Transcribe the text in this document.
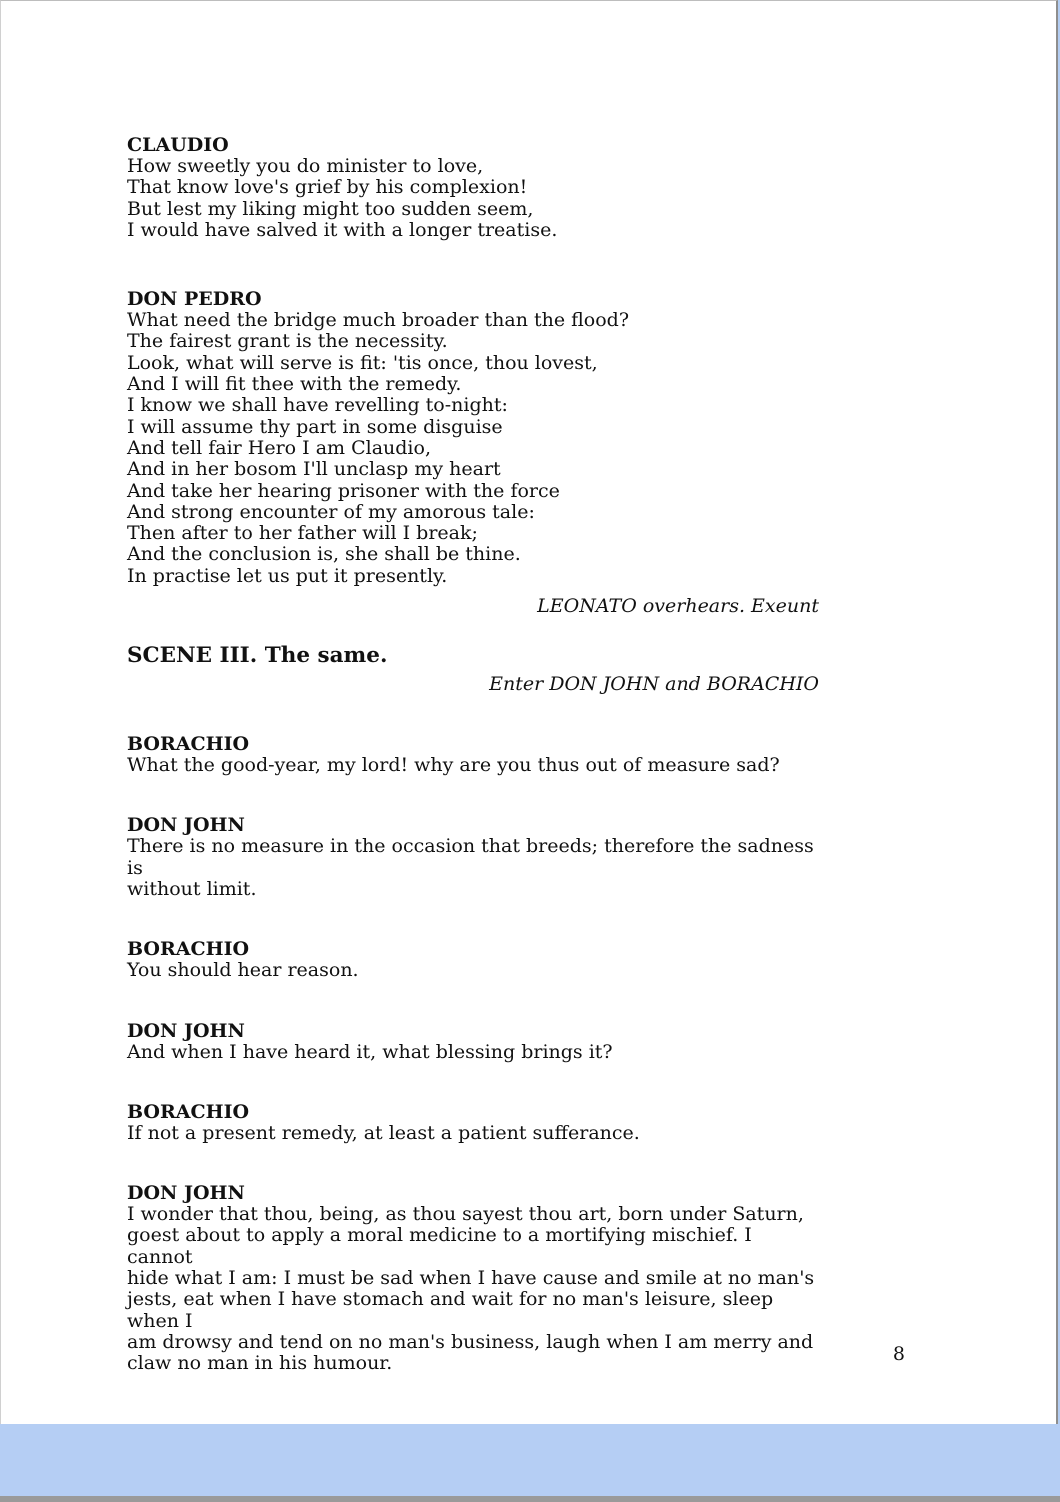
CLAUDIO

How sweetly you do minister to love,
That know love's grief by his complexion!
But lest my liking might too sudden seem,
I would have salved it with a longer treatise.

DON PEDRO

What need the bridge much broader than the flood?
The fairest grant is the necessity.
Look, what will serve is fit: 'tis once, thou lovest,
And I will fit thee with the remedy.
I know we shall have revelling to-night:
I will assume thy part in some disguise
And tell fair Hero I am Claudio,
And in her bosom I'll unclasp my heart
And take her hearing prisoner with the force
And strong encounter of my amorous tale:
Then after to her father will I break;
And the conclusion is, she shall be thine.
In practise let us put it presently.

LEONATO overhears. Exeunt

SCENE III. The same.

Enter DON JOHN and BORACHIO

BORACHIO

What the good-year, my lord! why are you thus out of measure sad?

DON JOHN

There is no measure in the occasion that breeds; therefore the sadness is
without limit.

BORACHIO

You should hear reason.

DON JOHN

And when I have heard it, what blessing brings it?

BORACHIO

If not a present remedy, at least a patient sufferance.

DON JOHN

I wonder that thou, being, as thou sayest thou art, born under Saturn,
goest about to apply a moral medicine to a mortifying mischief. I cannot
hide what I am: I must be sad when I have cause and smile at no man's
jests, eat when I have stomach and wait for no man's leisure, sleep when I
am drowsy and tend on no man's business, laugh when I am merry and
claw no man in his humour.	8
